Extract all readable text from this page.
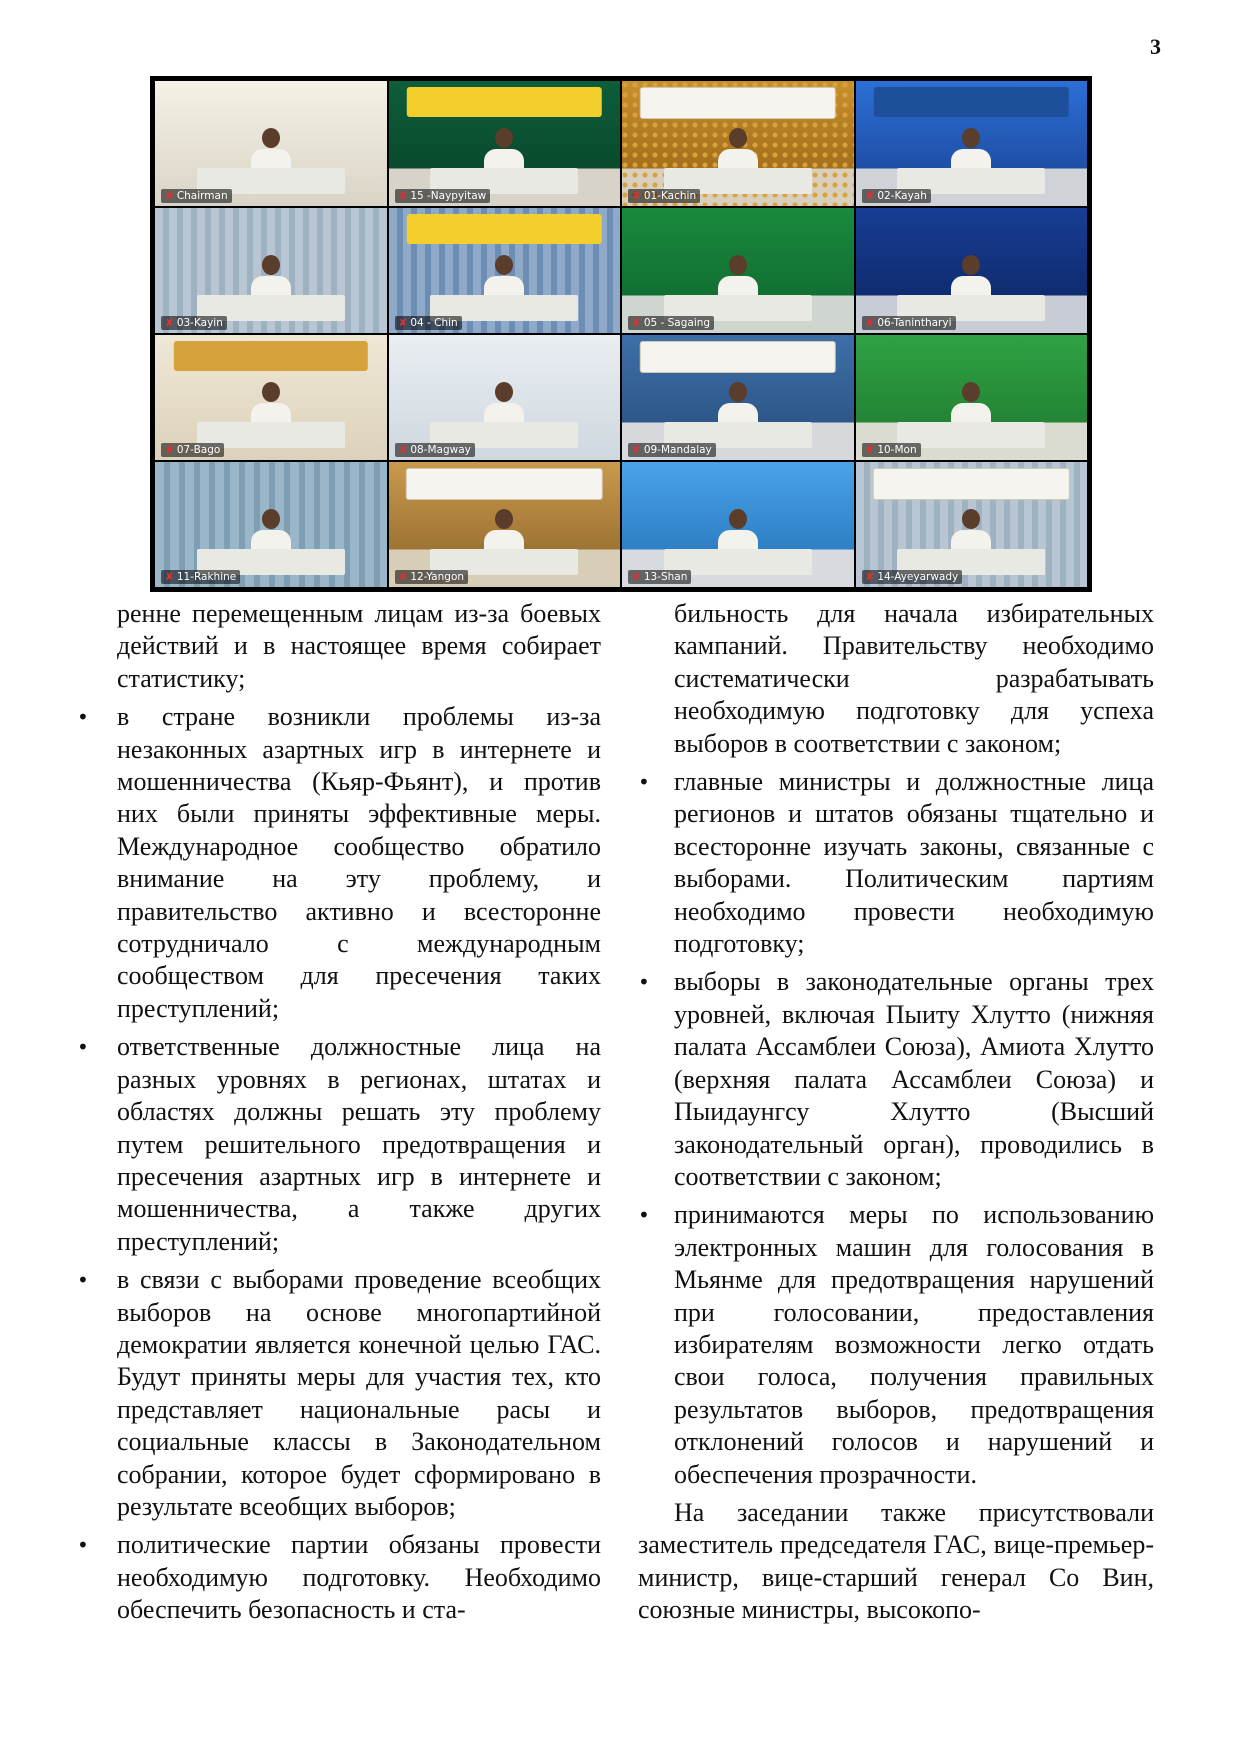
3
✘ Chairman	✘ 15 -Naypyitaw	✘ 01-Kachin	✘ 02-Kayah
✘ 03-Kayin	✘ 04 - Chin	✘ 05 - Sagaing	✘ 06-Tanintharyi
✘ 07-Bago	✘ 08-Magway	✘ 09-Mandalay	✘ 10-Mon
✘ 11-Rakhine	✘ 12-Yangon	✘ 13-Shan	✘ 14-Ayeyarwady

ренне перемещенным лицам из-за боевых действий и в настоящее время собирает статистику;

• в стране возникли проблемы из-за незаконных азартных игр в интернете и мошенничества (Кьяр-Фьянт), и против них были приняты эффективные меры. Международное сообщество обратило внимание на эту проблему, и правительство активно и всесторонне сотрудничало с международным сообществом для пресечения таких преступлений;
• ответственные должностные лица на разных уровнях в регионах, штатах и областях должны решать эту проблему путем решительного предотвращения и пресечения азартных игр в интернете и мошенничества, а также других преступлений;
• в связи с выборами проведение всеобщих выборов на основе многопартийной демократии является конечной целью ГАС. Будут приняты меры для участия тех, кто представляет национальные расы и социальные классы в Законодательном собрании, которое будет сформировано в результате всеобщих выборов;
• политические партии обязаны провести необходимую подготовку. Необходимо обеспечить безопасность и ста-

бильность для начала избирательных кампаний. Правительству необходимо систематически разрабатывать необходимую подготовку для успеха выборов в соответствии с законом;

• главные министры и должностные лица регионов и штатов обязаны тщательно и всесторонне изучать законы, связанные с выборами. Политическим партиям необходимо провести необходимую подготовку;
• выборы в законодательные органы трех уровней, включая Пыиту Хлутто (нижняя палата Ассамблеи Союза), Амиота Хлутто (верхняя палата Ассамблеи Союза) и Пыидаунгсу Хлутто (Высший законодательный орган), проводились в соответствии с законом;
• принимаются меры по использованию электронных машин для голосования в Мьянме для предотвращения нарушений при голосовании, предоставления избирателям возможности легко отдать свои голоса, получения правильных результатов выборов, предотвращения отклонений голосов и нарушений и обеспечения прозрачности.

На заседании также присутствовали заместитель председателя ГАС, вице-премьер-министр, вице-старший генерал Со Вин, союзные министры, высокопо-
